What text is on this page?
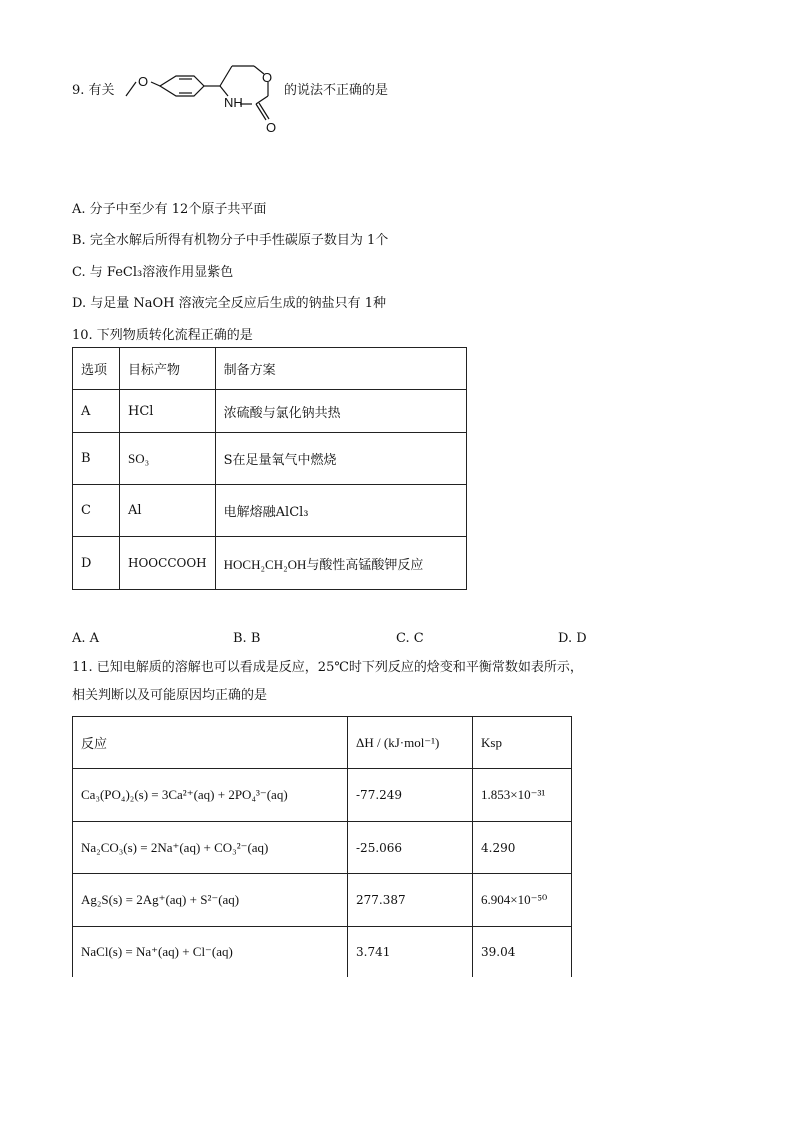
9. 有关
O	O
NH
O
的说法不正确的是
A. 分子中至少有 12个原子共平面
B. 完全水解后所得有机物分子中手性碳原子数目为 1个
C. 与 FeCl₃溶液作用显紫色
D. 与足量 NaOH 溶液完全反应后生成的钠盐只有 1种
10. 下列物质转化流程正确的是
选项	目标产物	制备方案
A	HCl	浓硫酸与氯化钠共热
B	SO₃	S在足量氧气中燃烧
C	Al	电解熔融AlCl₃
D	HOOCCOOH	HOCH₂CH₂OH与酸性高锰酸钾反应
A. A	B. B	C. C	D. D
11. 已知电解质的溶解也可以看成是反应，25℃时下列反应的焓变和平衡常数如表所示，
相关判断以及可能原因均正确的是
反应	ΔH / (kJ·mol⁻¹)	Ksp
Ca₃(PO₄)₂(s) = 3Ca²⁺(aq) + 2PO₄³⁻(aq)	-77.249	1.853×10⁻³¹
Na₂CO₃(s) = 2Na⁺(aq) + CO₃²⁻(aq)	-25.066	4.290
Ag₂S(s) = 2Ag⁺(aq) + S²⁻(aq)	277.387	6.904×10⁻⁵⁰
NaCl(s) = Na⁺(aq) + Cl⁻(aq)	3.741	39.04
